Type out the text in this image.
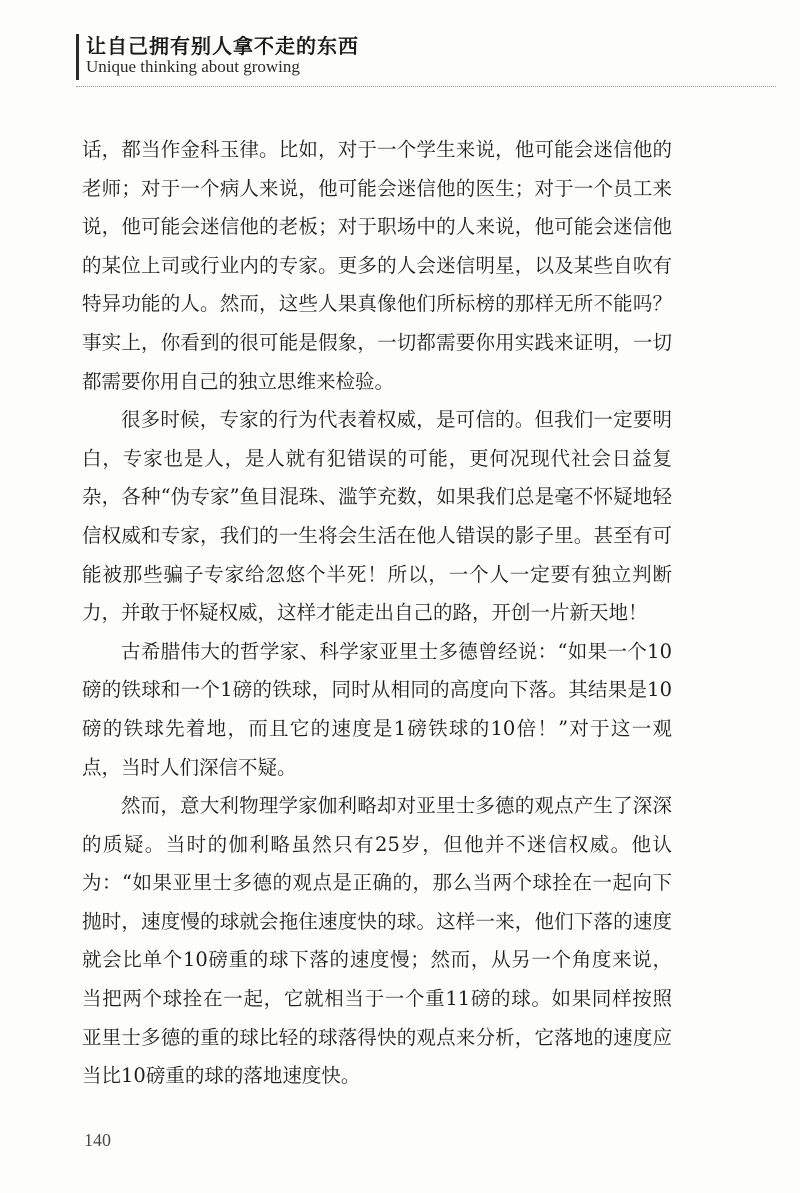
让自己拥有别人拿不走的东西
Unique thinking about growing

话，都当作金科玉律。比如，对于一个学生来说，他可能会迷信他的老师；对于一个病人来说，他可能会迷信他的医生；对于一个员工来说，他可能会迷信他的老板；对于职场中的人来说，他可能会迷信他的某位上司或行业内的专家。更多的人会迷信明星，以及某些自吹有特异功能的人。然而，这些人果真像他们所标榜的那样无所不能吗？事实上，你看到的很可能是假象，一切都需要你用实践来证明，一切都需要你用自己的独立思维来检验。

很多时候，专家的行为代表着权威，是可信的。但我们一定要明白，专家也是人，是人就有犯错误的可能，更何况现代社会日益复杂，各种“伪专家”鱼目混珠、滥竽充数，如果我们总是毫不怀疑地轻信权威和专家，我们的一生将会生活在他人错误的影子里。甚至有可能被那些骗子专家给忽悠个半死！所以，一个人一定要有独立判断力，并敢于怀疑权威，这样才能走出自己的路，开创一片新天地！

古希腊伟大的哲学家、科学家亚里士多德曾经说：“如果一个10磅的铁球和一个1磅的铁球，同时从相同的高度向下落。其结果是10磅的铁球先着地，而且它的速度是1磅铁球的10倍！”对于这一观点，当时人们深信不疑。

然而，意大利物理学家伽利略却对亚里士多德的观点产生了深深的质疑。当时的伽利略虽然只有25岁，但他并不迷信权威。他认为：“如果亚里士多德的观点是正确的，那么当两个球拴在一起向下抛时，速度慢的球就会拖住速度快的球。这样一来，他们下落的速度就会比单个10磅重的球下落的速度慢；然而，从另一个角度来说，当把两个球拴在一起，它就相当于一个重11磅的球。如果同样按照亚里士多德的重的球比轻的球落得快的观点来分析，它落地的速度应当比10磅重的球的落地速度快。

140
